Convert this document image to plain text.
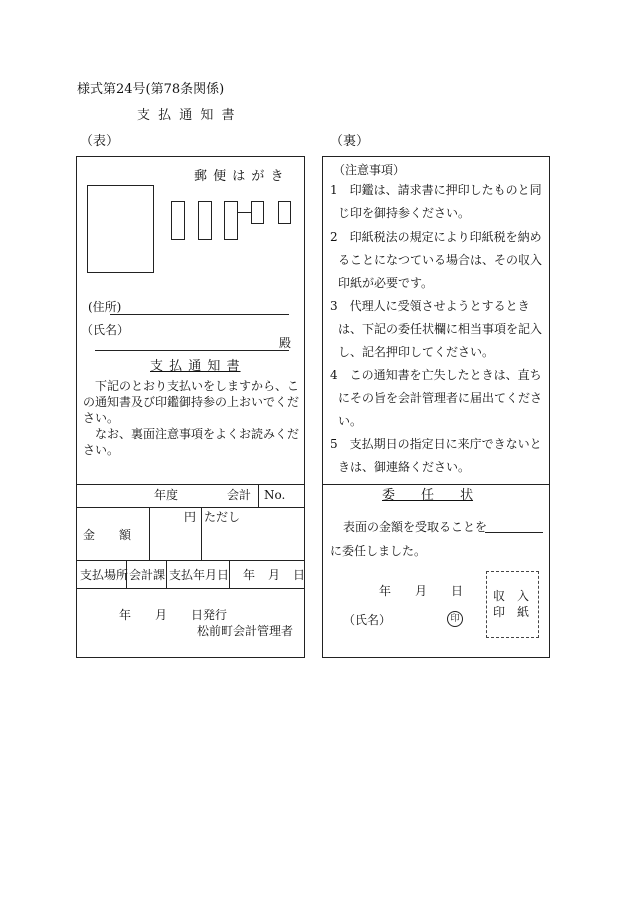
様式第24号(第78条関係)
支 払 通 知 書
（表）	（裏）
郵 便 は が き
(住所)
（氏名）
殿
支 払 通 知 書
　下記のとおり支払いをしますから、こ
の通知書及び印鑑御持参の上おいでくだ
さい。
　なお、裏面注意事項をよくお読みくだ
さい。
年度	会計 No.
金　　額
円 ただし
支払場所 会計課 支払年月日 年 月 日
年　　月　　日発行
松前町会計管理者
（注意事項）
1　印鑑は、請求書に押印したものと同
じ印を御持参ください。
2　印紙税法の規定により印紙税を納め
ることになつている場合は、その収入
印紙が必要です。
3　代理人に受領させようとするとき
は、下記の委任状欄に相当事項を記入
し、記名押印してください。
4　この通知書を亡失したときは、直ち
にその旨を会計管理者に届出てくださ
い。
5　支払期日の指定日に来庁できないと
きは、御連絡ください。
委　　任　　状
表面の金額を受取ることを
に委任しました。
年　　月　　日
（氏名）	印
収　入
印　紙
